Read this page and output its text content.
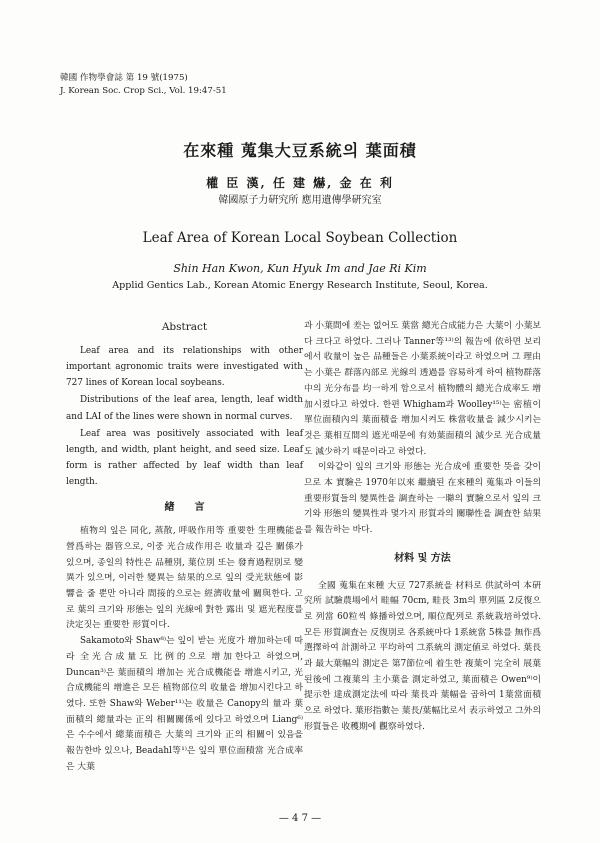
韓國 作物學會誌 第 19 號(1975)
J. Korean Soc. Crop Sci., Vol. 19:47-51
在來種 蒐集大豆系統의 葉面積
權 臣 漢, 任 建 爀, 金 在 利
韓國原子力硏究所 應用遺傳學硏究室
Leaf Area of Korean Local Soybean Collection
Shin Han Kwon, Kun Hyuk Im and Jae Ri Kim
Applid Gentics Lab., Korean Atomic Energy Research Institute, Seoul, Korea.
Abstract

Leaf area and its relationships with other important agronomic traits were investigated with 727 lines of Korean local soybeans.

Distributions of the leaf area, length, leaf width and LAI of the lines were shown in normal curves.

Leaf area was positively associated with leaf length, and width, plant height, and seed size. Leaf form is rather affected by leaf width than leaf length.

緖　　言

植物의 잎은 同化, 蒸散, 呼吸作用等 重要한 生理機能을 營爲하는 器管으로, 이중 光合成作用은 收量과 깊은 關係가 있으며, 종일의 特性은 品種別, 葉位別 또는 發育過程別로 變異가 있으며, 이러한 變異는 結果的으로 잎의 受光狀態에 影響을 줄 뿐만 아니라 間接的으로는 經濟收量에 關與한다. 고로 葉의 크기와 形態는 잎의 光線에 對한 露出 및 遮光程度를 決定짓는 重要한 形質이다.

Sakamoto와 Shaw⁸⁾는 잎이 받는 光度가 增加하는데 따라 全光合成量도 比例的으로 增加한다고 하였으며, Duncan³⁾은 葉面積의 增加는 光合成機能을 增進시키고, 光合成機能의 增進은 모든 植物部位의 收量을 增加시킨다고 하였다. 또한 Shaw와 Weber¹¹⁾는 收量은 Canopy의 量과 葉面積의 總量과는 正의 相關關係에 있다고 하였으며 Liang⁶⁾은 수수에서 總葉面積은 大葉의 크기와 正의 相關이 있음을 報告한바 있으나, Beadahl等¹⁾은 잎의 單位面積當 光合成率은 大葉

과 小葉間에 差는 없어도 葉當 總光合成能力은 大葉이 小葉보다 크다고 하였다. 그러나 Tanner等¹³⁾의 報告에 依하면 보리에서 收量이 높은 品種들은 小葉系統이라고 하였으며 그 理由는 小葉은 群落內部로 光線의 透過를 容易하게 하여 植物群落中의 光分布를 均一하게 함으로서 植物體의 總光合成率도 增加시켰다고 하였다. 한편 Whigham과 Woolley¹⁵⁾는 密植이 單位面積內의 葉面積을 增加시켜도 株當收量을 減少시키는 것은 葉相互間의 遮光때문에 有効葉面積의 減少로 光合成量도 減少하기 때문이라고 하였다.

이와같이 잎의 크기와 形態는 光合成에 重要한 뜻을 갖이므로 本 實驗은 1970年以來 繼續된 在來種의 蒐集과 이들의 重要形質들의 變異性을 調査하는 一聯의 實驗으로서 잎의 크기와 形態의 變異性과 몇가지 形質과의 關聯性을 調査한 結果를 報告하는 바다.

材料 및 方法

全國 蒐集在來種 大豆 727系統을 材料로 供試하여 本硏究所 試驗農場에서 畦幅 70cm, 畦長 3m의 單列區 2反復으로 列當 60粒씩 條播하였으며, 順位配列로 系統栽培하였다. 모든 形質調査는 反復別로 各系統마다 1系統當 5株를 無作爲選擇하여 計測하고 平均하여 그系統의 測定値로 하였다. 葉長과 最大葉幅의 測定은 第7節位에 着生한 複葉이 完全히 展葉된後에 그複葉의 主小葉을 測定하였고, 葉面積은 Owen⁹⁾이 提示한 達成測定法에 따라 葉長과 葉幅을 곱하여 1葉當面積으로 하였다. 葉形指數는 葉長/葉幅比로서 表示하였고 그外의 形質들은 收穫期에 觀察하였다.

— 4 7 —
